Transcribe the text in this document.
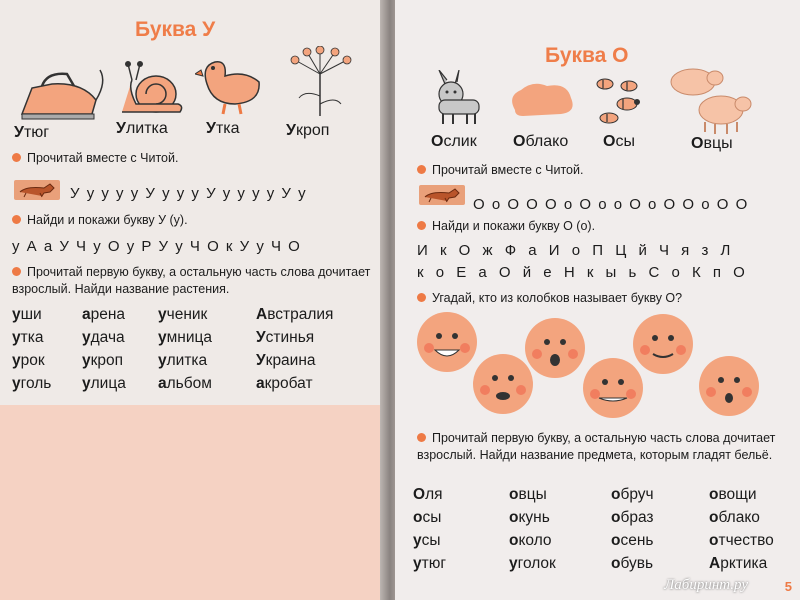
Буква У
Утюг	Улитка Утка	Укроп
Прочитай вместе с Читой.
У у у у у У у у у У у у у у У у
Найди и покажи букву У (у).
у А а У Ч у О у Р У у Ч О к У у Ч О
Прочитай первую букву, а остальную часть слова дочитает взрослый. Найди название растения.
уши	арена ученик	Австралия
утка удача умница	Устинья
урок укроп улитка	Украина
уголь улица альбом	акробат
Буква О
Ослик Облако Осы	Овцы
Прочитай вместе с Читой.
О о О О О о О о о О о О О о О О
Найди и покажи букву О (о).
И к О ж Ф а И о П Ц й Ч я з Л
к о Е а О й е Н к ы ь С о К п О
Угадай, кто из колобков называет букву О?
Прочитай первую букву, а остальную часть слова дочитает взрослый. Найди название предмета, которым гладят бельё.
Оля	овцы	обруч	овощи
осы	окунь	образ	облако
усы	около	осень	отчество
утюг	уголок	обувь	Арктика
Лабиринт.ру	5
